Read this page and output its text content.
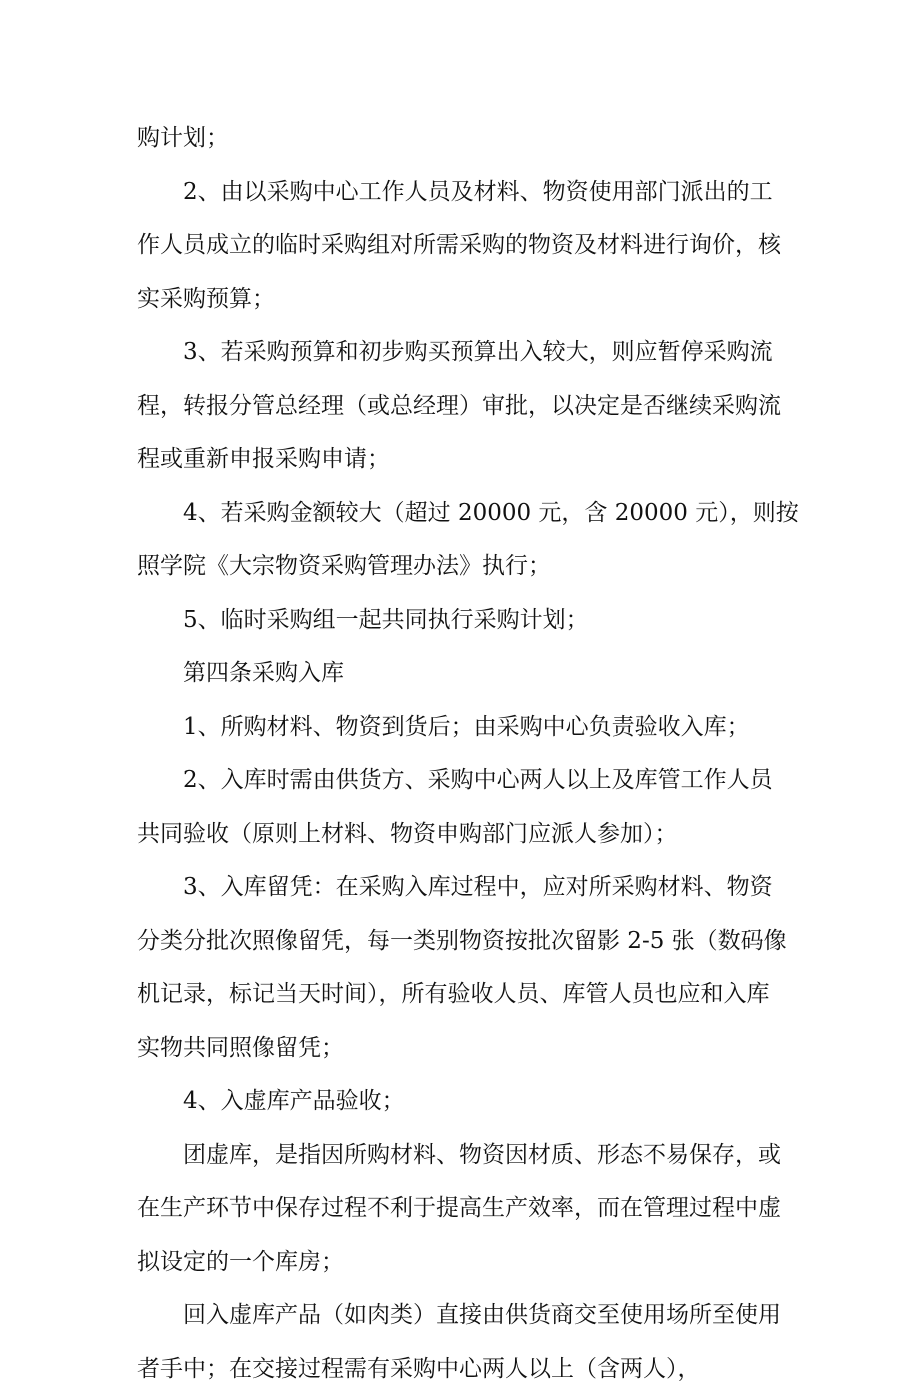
购计划；
2、由以采购中心工作人员及材料、物资使用部门派出的工
作人员成立的临时采购组对所需采购的物资及材料进行询价，核
实采购预算；
3、若采购预算和初步购买预算出入较大，则应暂停采购流
程，转报分管总经理（或总经理）审批，以决定是否继续采购流
程或重新申报采购申请；
4、若采购金额较大（超过 20000 元，含 20000 元），则按
照学院《大宗物资采购管理办法》执行；
5、临时采购组一起共同执行采购计划；
第四条采购入库
1、所购材料、物资到货后；由采购中心负责验收入库；
2、入库时需由供货方、采购中心两人以上及库管工作人员
共同验收（原则上材料、物资申购部门应派人参加）；
3、入库留凭：在采购入库过程中，应对所采购材料、物资
分类分批次照像留凭，每一类别物资按批次留影 2-5 张（数码像
机记录，标记当天时间），所有验收人员、库管人员也应和入库
实物共同照像留凭；
4、入虚库产品验收；
团虚库，是指因所购材料、物资因材质、形态不易保存，或
在生产环节中保存过程不利于提高生产效率，而在管理过程中虚
拟设定的一个库房；
回入虚库产品（如肉类）直接由供货商交至使用场所至使用
者手中；在交接过程需有采购中心两人以上（含两人），
